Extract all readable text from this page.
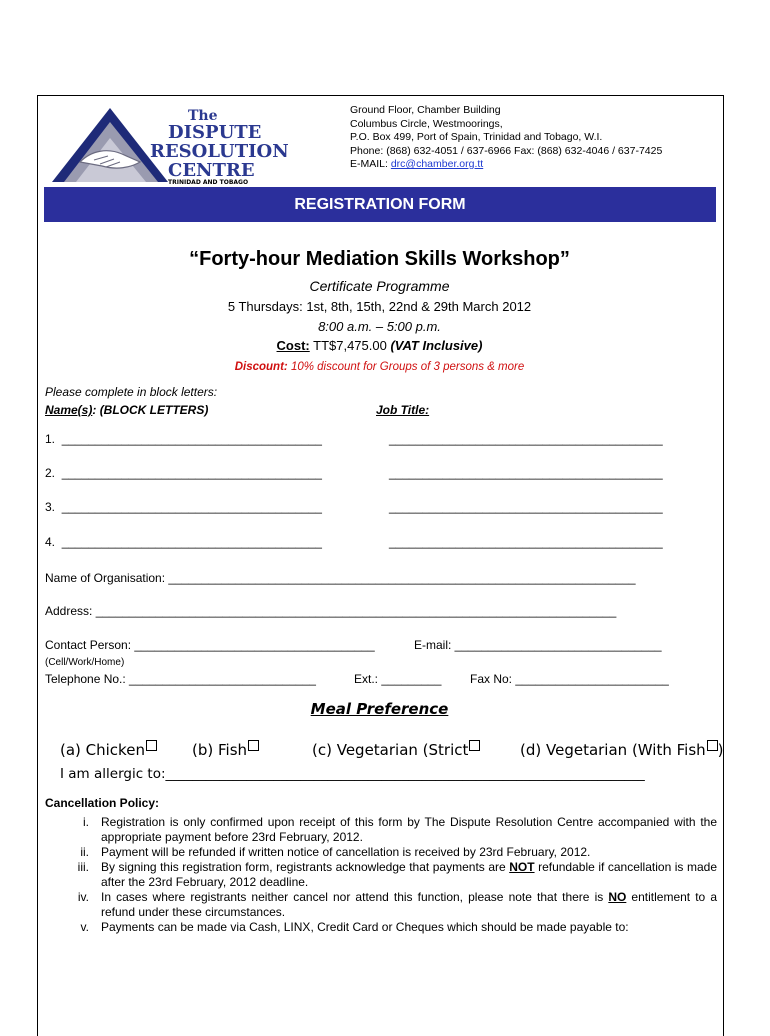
The
DISPUTE
RESOLUTION
CENTRE
TRINIDAD AND TOBAGO
Ground Floor, Chamber Building
Columbus Circle, Westmoorings,
P.O. Box 499, Port of Spain, Trinidad and Tobago, W.I.
Phone: (868) 632-4051 / 637-6966 Fax: (868) 632-4046 / 637-7425
E-MAIL: drc@chamber.org.tt
REGISTRATION FORM
“Forty-hour Mediation Skills Workshop”
Certificate Programme
5 Thursdays: 1st, 8th, 15th, 22nd & 29th March 2012
8:00 a.m. – 5:00 p.m.
Cost: TT$7,475.00 (VAT Inclusive)
Discount: 10% discount for Groups of 3 persons & more
Please complete in block letters:
Name(s): (BLOCK LETTERS)	Job Title:
1. _______________________________________	_________________________________________
2. _______________________________________	_________________________________________
3. _______________________________________	_________________________________________
4. _______________________________________	_________________________________________
Name of Organisation: ______________________________________________________________________
Address: ______________________________________________________________________________
Contact Person: ____________________________________	E-mail: _______________________________
(Cell/Work/Home)
Telephone No.: ____________________________	Ext.: _________ Fax No: _______________________
Meal Preference
(a) Chicken	(b) Fish	(c) Vegetarian (Strict	(d) Vegetarian (With Fish )
I am allergic to:_______________________________________________________________________
Cancellation Policy:
i.	Registration is only confirmed upon receipt of this form by The Dispute Resolution Centre accompanied with the appropriate payment before 23rd February, 2012.
ii.	Payment will be refunded if written notice of cancellation is received by 23rd February, 2012.
iii.	By signing this registration form, registrants acknowledge that payments are NOT refundable if cancellation is made after the 23rd February, 2012 deadline.
iv.	In cases where registrants neither cancel nor attend this function, please note that there is NO entitlement to a refund under these circumstances.
v.	Payments can be made via Cash, LINX, Credit Card or Cheques which should be made payable to:
